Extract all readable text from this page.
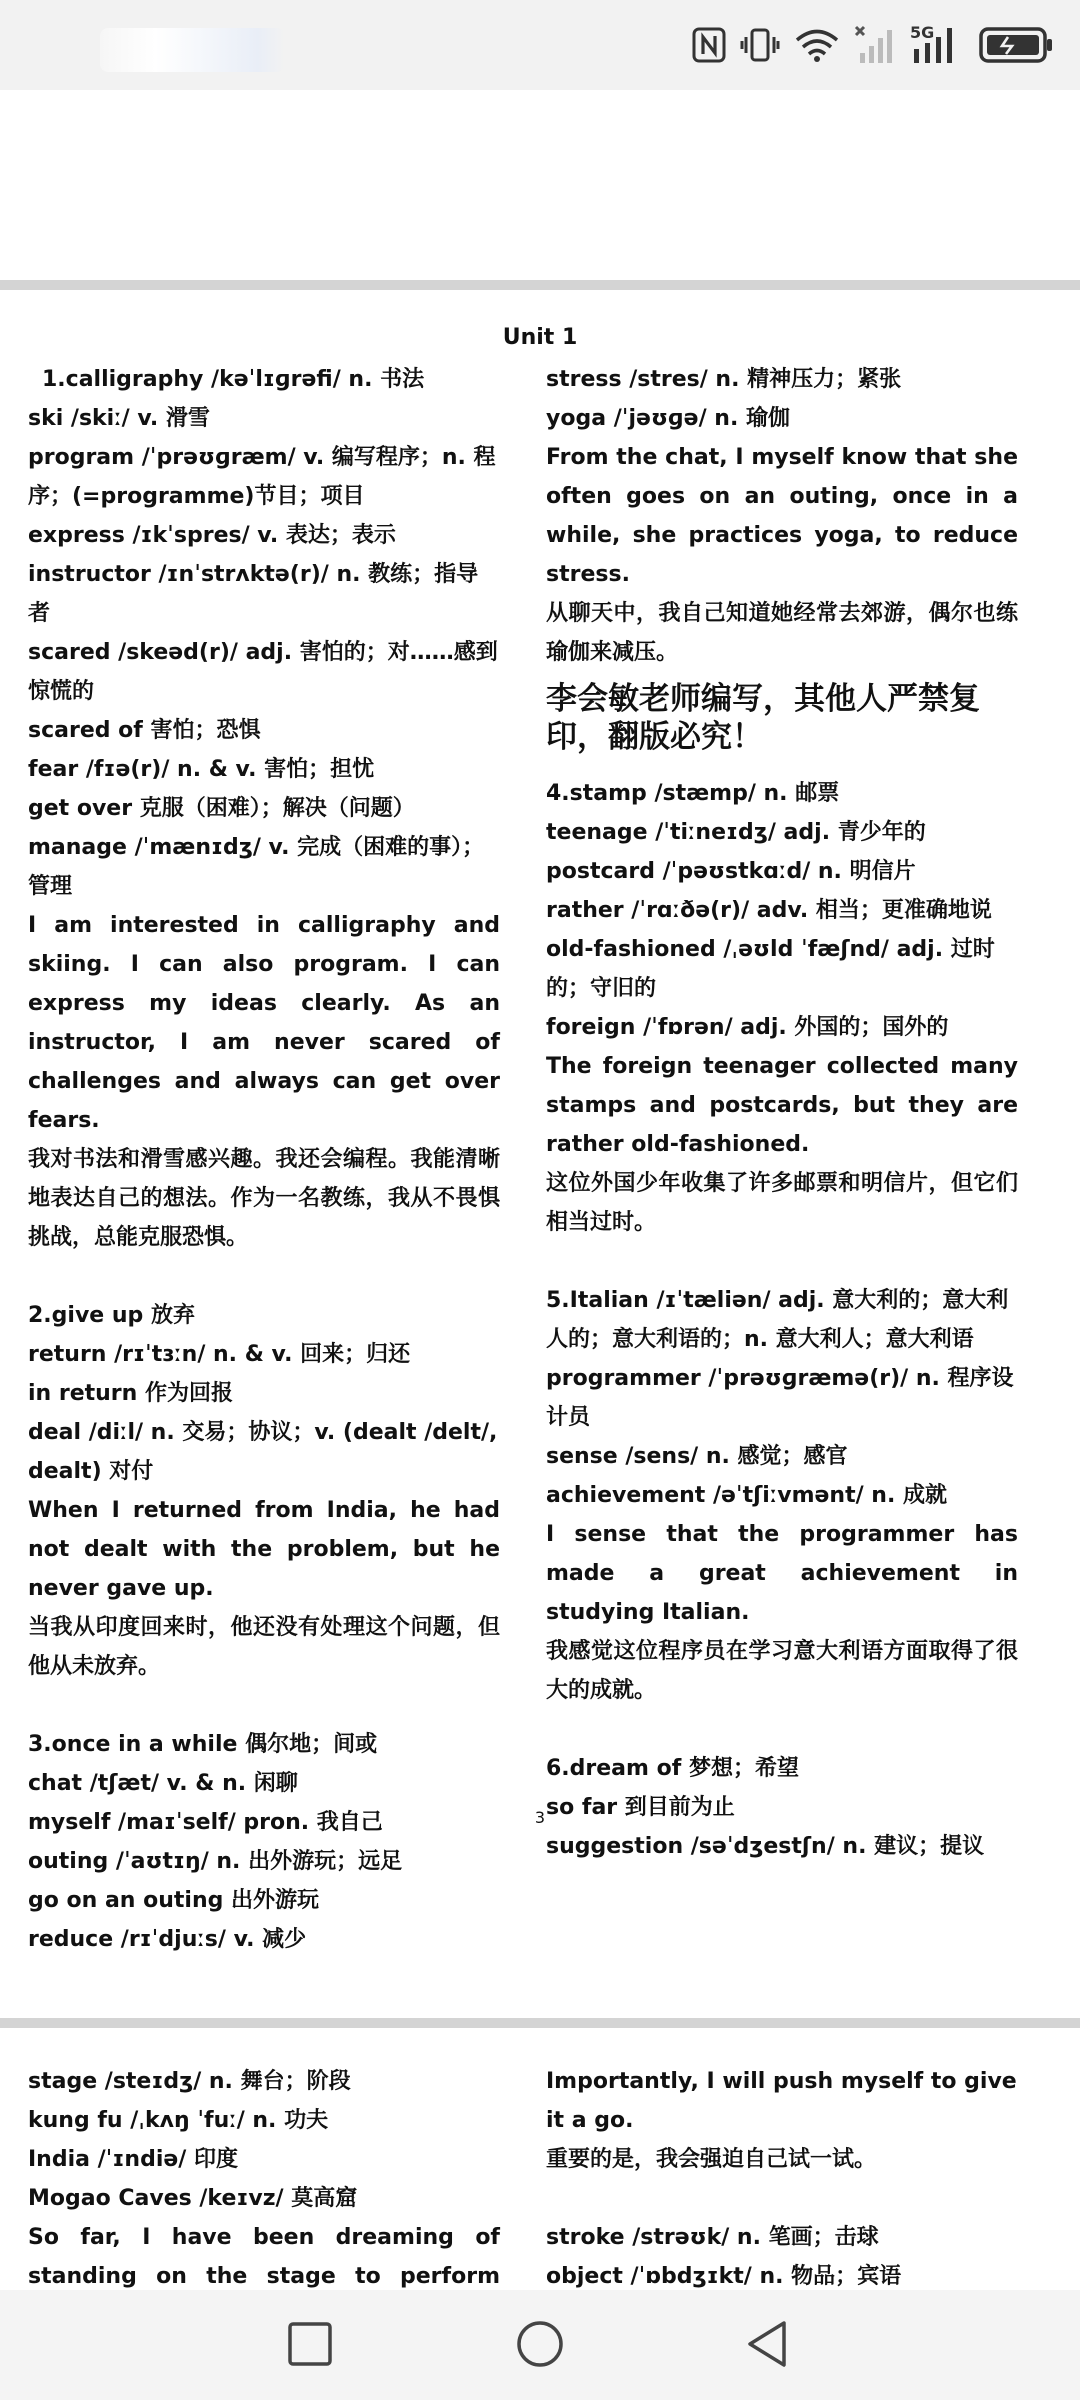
5G
Unit 1

1.calligraphy /kəˈlɪɡrəfi/ n. 书法

ski /skiː/ v. 滑雪

program /ˈprəʊɡræm/ v. 编写程序；n. 程序；(=programme)节目；项目

express /ɪkˈspres/ v. 表达；表示

instructor /ɪnˈstrʌktə(r)/ n. 教练；指导者

scared /skeəd(r)/ adj. 害怕的；对……感到惊慌的

scared of 害怕；恐惧

fear /fɪə(r)/ n. & v. 害怕；担忧

get over 克服（困难）；解决（问题）

manage /ˈmænɪdʒ/ v. 完成（困难的事）；管理

I am interested in calligraphy and skiing. I can also program. I can express my ideas clearly. As an instructor, I am never scared of challenges and always can get over fears.

我对书法和滑雪感兴趣。我还会编程。我能清晰地表达自己的想法。作为一名教练，我从不畏惧挑战，总能克服恐惧。

2.give up 放弃

return /rɪˈtɜːn/ n. & v. 回来；归还

in return 作为回报

deal /diːl/ n. 交易；协议；v. (dealt /delt/, dealt) 对付

When I returned from India, he had not dealt with the problem, but he never gave up.

当我从印度回来时，他还没有处理这个问题，但他从未放弃。

3.once in a while 偶尔地；间或

chat /tʃæt/ v. & n. 闲聊

myself /maɪˈself/ pron. 我自己

outing /ˈaʊtɪŋ/ n. 出外游玩；远足

go on an outing 出外游玩

reduce /rɪˈdjuːs/ v. 减少

stress /stres/ n. 精神压力；紧张

yoga /ˈjəʊɡə/ n. 瑜伽

From the chat, I myself know that she often goes on an outing, once in a while, she practices yoga, to reduce stress.

从聊天中，我自己知道她经常去郊游，偶尔也练瑜伽来减压。

李会敏老师编写，其他人严禁复印，翻版必究！

4.stamp /stæmp/ n. 邮票

teenage /ˈtiːneɪdʒ/ adj. 青少年的

postcard /ˈpəʊstkɑːd/ n. 明信片

rather /ˈrɑːðə(r)/ adv. 相当；更准确地说

old-fashioned /ˌəʊld ˈfæʃnd/ adj. 过时的；守旧的

foreign /ˈfɒrən/ adj. 外国的；国外的

The foreign teenager collected many stamps and postcards, but they are rather old-fashioned.

这位外国少年收集了许多邮票和明信片，但它们相当过时。

5.Italian /ɪˈtæliən/ adj. 意大利的；意大利人的；意大利语的；n. 意大利人；意大利语

programmer /ˈprəʊɡræmə(r)/ n. 程序设计员

sense /sens/ n. 感觉；感官

achievement /əˈtʃiːvmənt/ n. 成就

I sense that the programmer has made a great achievement in studying Italian.

我感觉这位程序员在学习意大利语方面取得了很大的成就。

6.dream of 梦想；希望

so far 到目前为止

suggestion /səˈdʒestʃn/ n. 建议；提议

3

stage /steɪdʒ/ n. 舞台；阶段

kung fu /ˌkʌŋ ˈfuː/ n. 功夫

India /ˈɪndiə/ 印度

Mogao Caves /keɪvz/ 莫高窟

So far, I have been dreaming of standing on the stage to perform

Importantly, I will push myself to give it a go.

重要的是，我会强迫自己试一试。

stroke /strəʊk/ n. 笔画；击球

object /ˈɒbdʒɪkt/ n. 物品；宾语
